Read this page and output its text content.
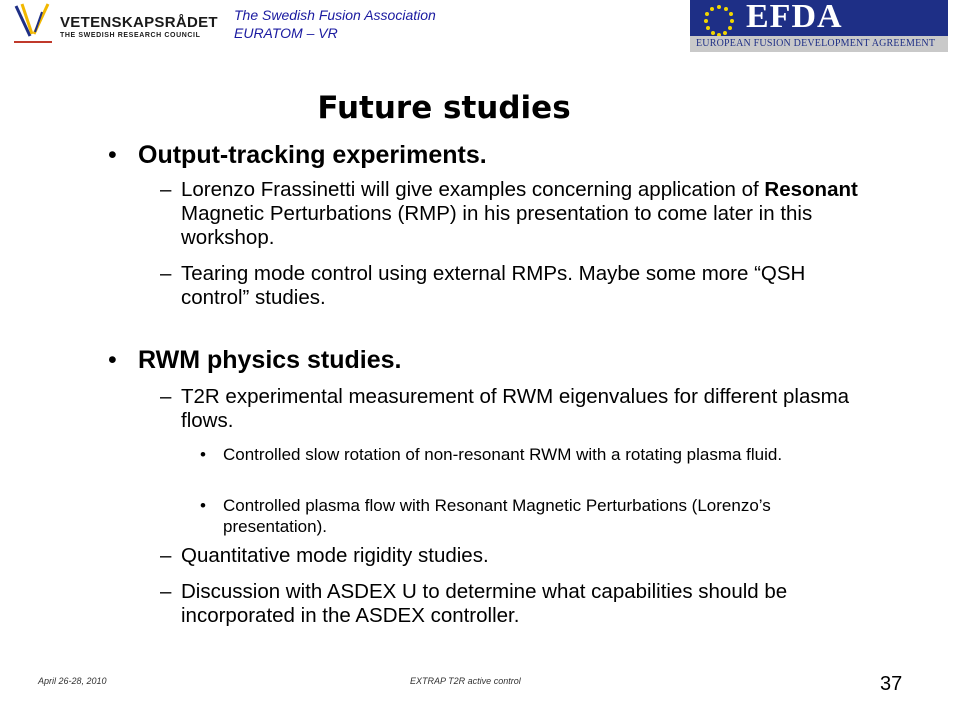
VETENSKAPSRÅDET
THE SWEDISH RESEARCH COUNCIL
The Swedish Fusion Association
EURATOM – VR	EFDA
EUROPEAN FUSION DEVELOPMENT AGREEMENT
Future studies
• Output-tracking experiments.
– Lorenzo Frassinetti will give examples concerning application of Resonant Magnetic Perturbations (RMP) in his presentation to come later in this workshop.
– Tearing mode control using external RMPs. Maybe some more “QSH control” studies.
• RWM physics studies.
– T2R experimental measurement of RWM eigenvalues for different plasma flows.
• Controlled slow rotation of non-resonant RWM with a rotating plasma fluid.
• Controlled plasma flow with Resonant Magnetic Perturbations (Lorenzo’s presentation).
– Quantitative mode rigidity studies.
– Discussion with ASDEX U to determine what capabilities should be incorporated in the ASDEX controller.
April 26-28, 2010	EXTRAP T2R active control	37
